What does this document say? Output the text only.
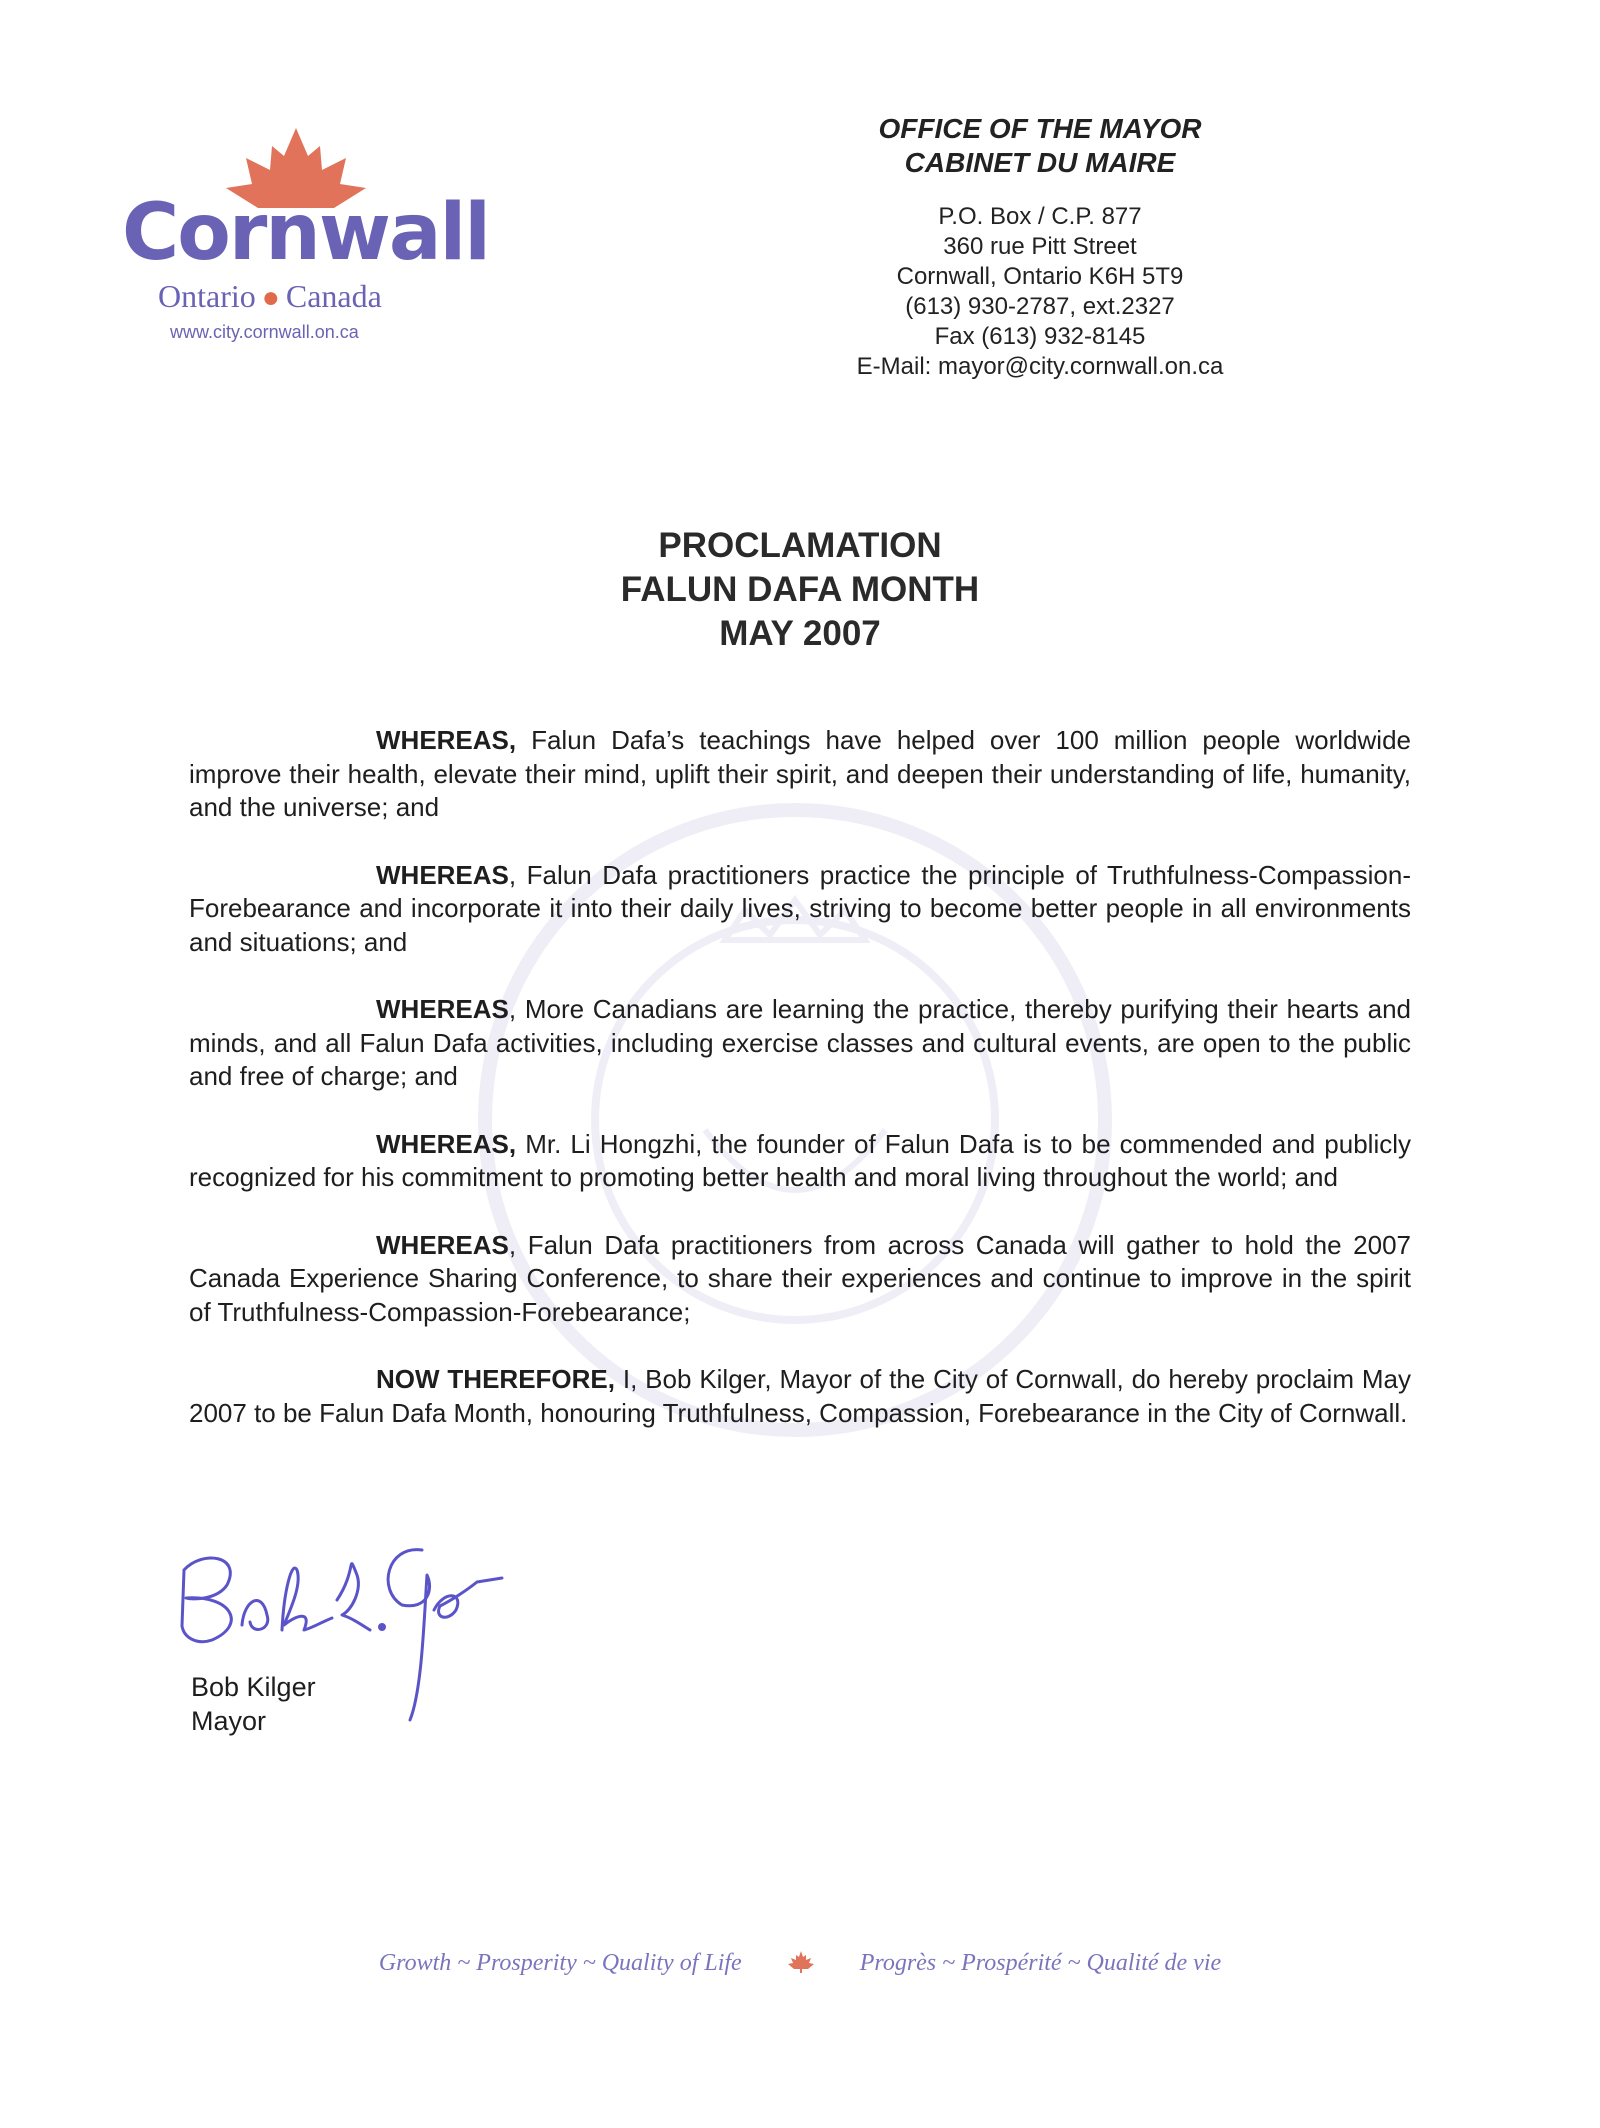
Cornwall
Ontario ● Canada
www.city.cornwall.on.ca
OFFICE OF THE MAYOR
CABINET DU MAIRE
P.O. Box / C.P. 877
360 rue Pitt Street
Cornwall, Ontario K6H 5T9
(613) 930-2787, ext.2327
Fax (613) 932-8145
E-Mail: mayor@city.cornwall.on.ca
PROCLAMATION
FALUN DAFA MONTH
MAY 2007

WHEREAS, Falun Dafa’s teachings have helped over 100 million people worldwide improve their health, elevate their mind, uplift their spirit, and deepen their understanding of life, humanity, and the universe; and

WHEREAS, Falun Dafa practitioners practice the principle of Truthfulness-Compassion-Forebearance and incorporate it into their daily lives, striving to become better people in all environments and situations; and

WHEREAS, More Canadians are learning the practice, thereby purifying their hearts and minds, and all Falun Dafa activities, including exercise classes and cultural events, are open to the public and free of charge; and

WHEREAS, Mr. Li Hongzhi, the founder of Falun Dafa is to be commended and publicly recognized for his commitment to promoting better health and moral living throughout the world; and

WHEREAS, Falun Dafa practitioners from across Canada will gather to hold the 2007 Canada Experience Sharing Conference, to share their experiences and continue to improve in the spirit of Truthfulness-Compassion-Forebearance;

NOW THEREFORE, I, Bob Kilger, Mayor of the City of Cornwall, do hereby proclaim May 2007 to be Falun Dafa Month, honouring Truthfulness, Compassion, Forebearance in the City of Cornwall.

Bob Kilger
Mayor
Growth ~ Prosperity ~ Quality of Life	Progrès ~ Prospérité ~ Qualité de vie
